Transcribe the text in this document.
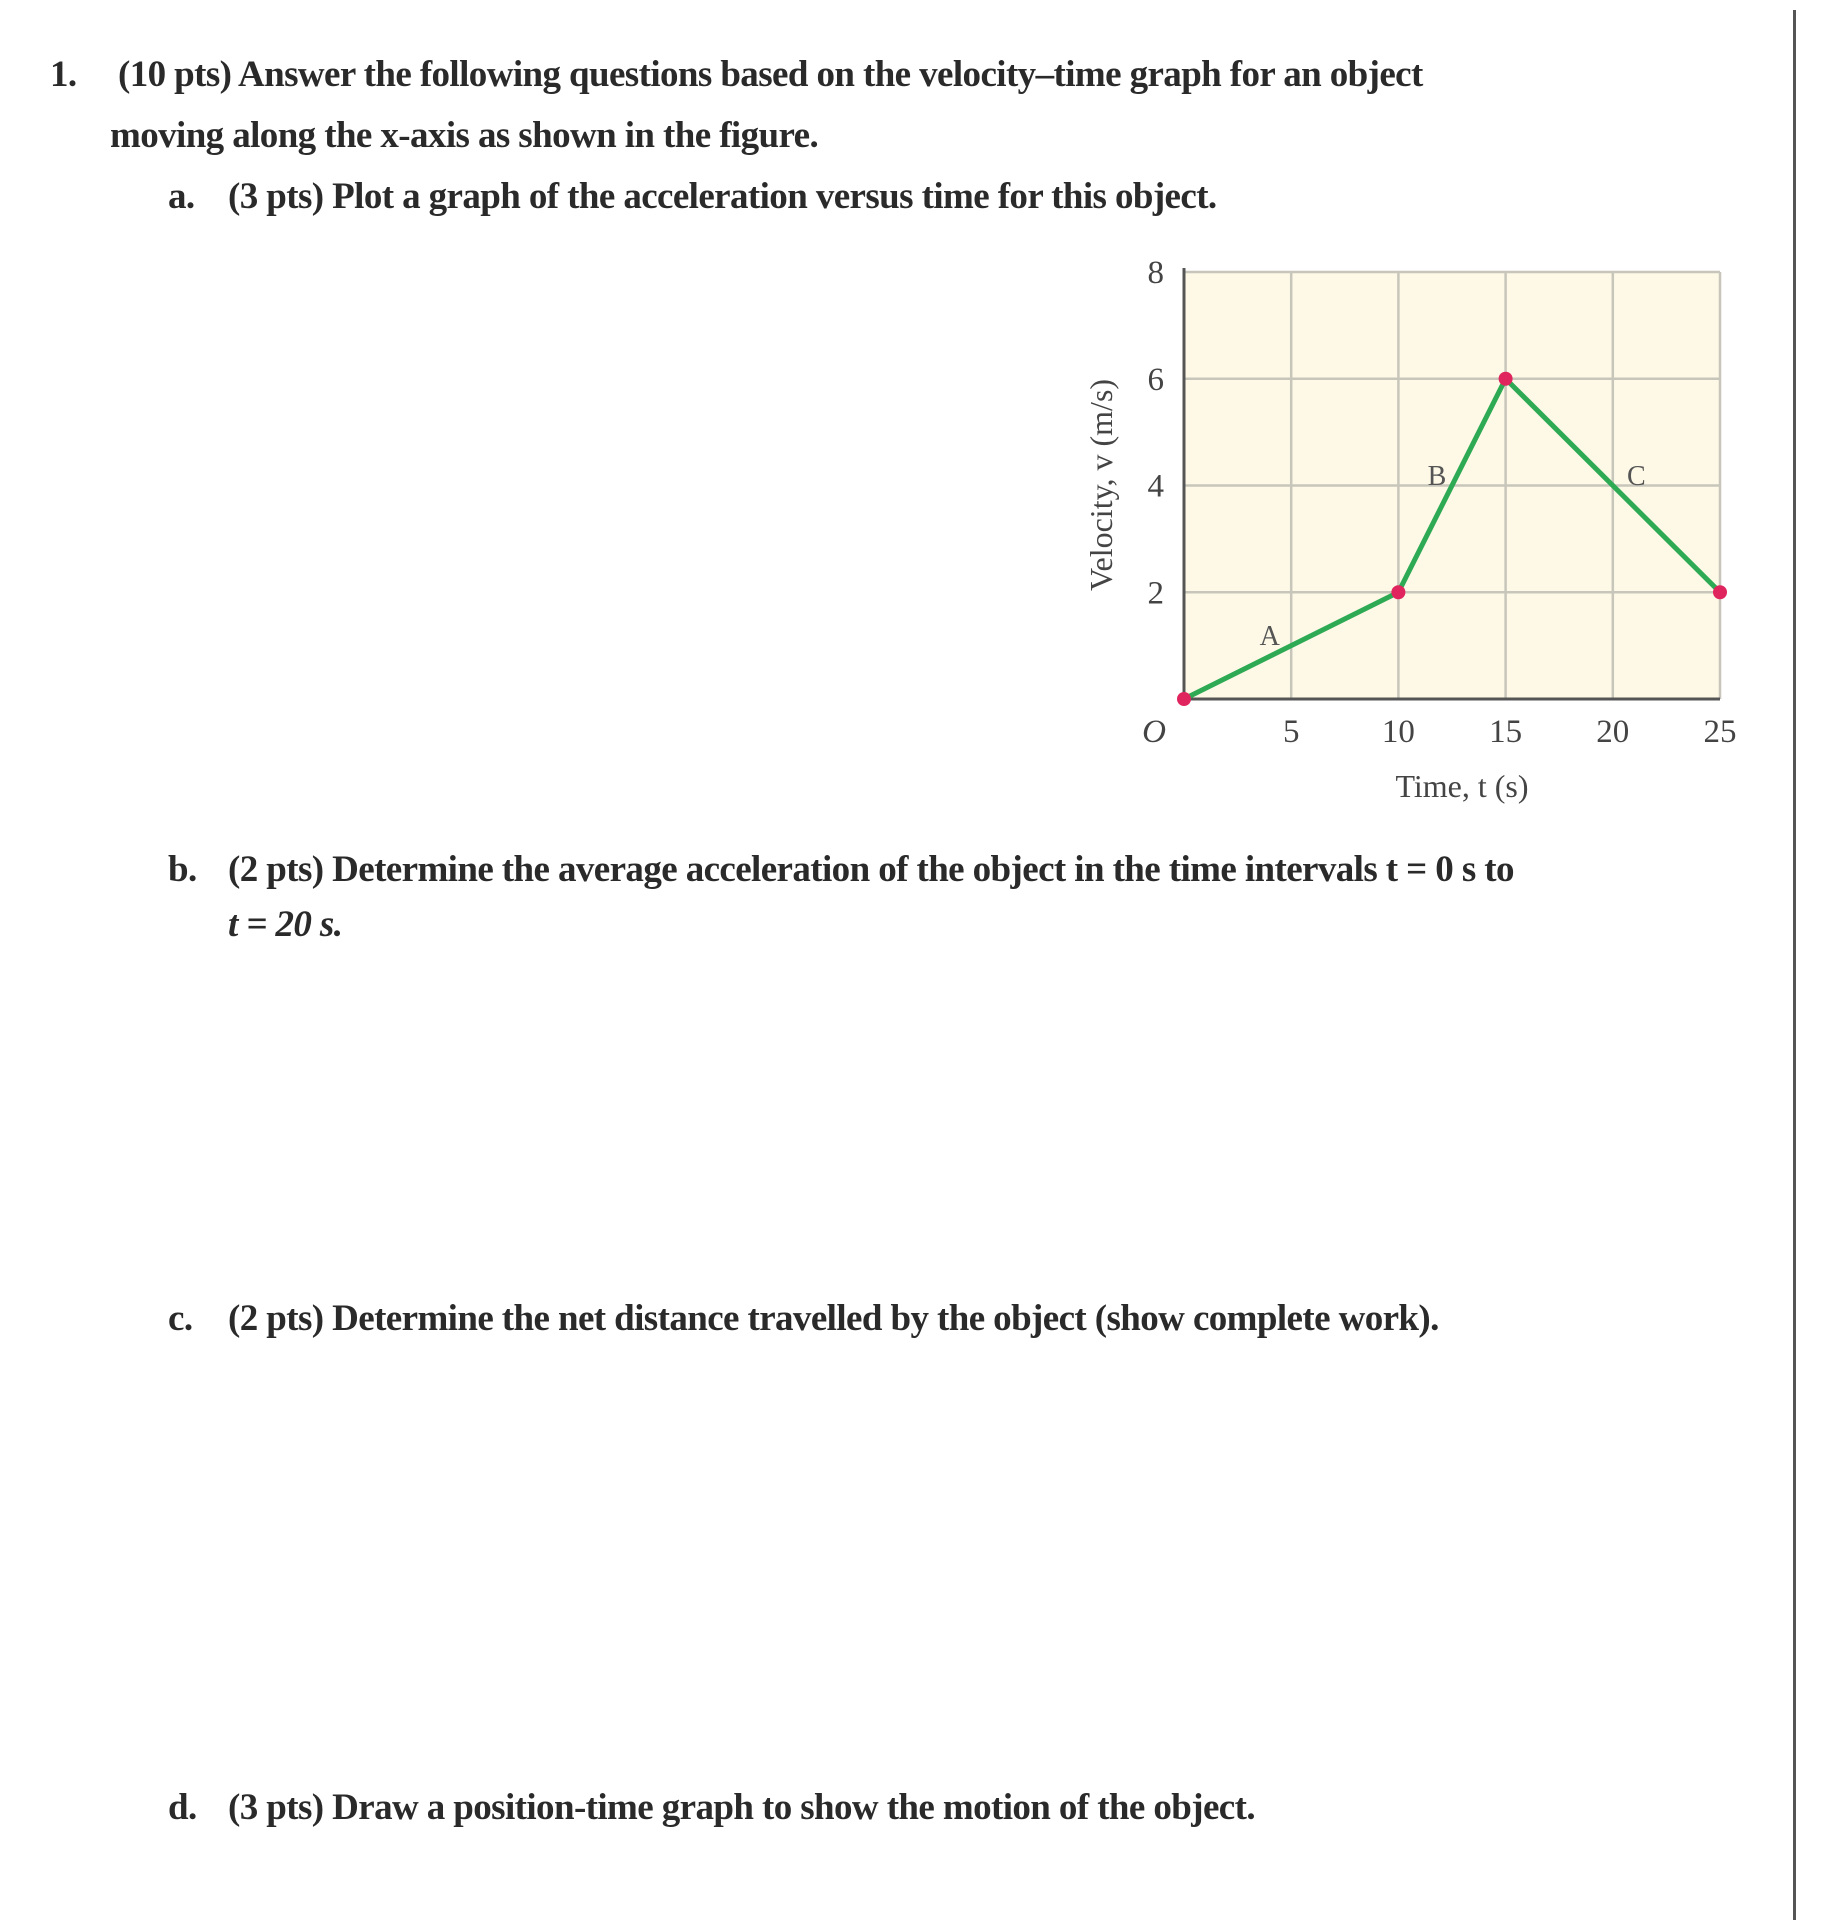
1. (10 pts) Answer the following questions based on the velocity–time graph for an object
moving along the x-axis as shown in the figure.
a. (3 pts) Plot a graph of the acceleration versus time for this object.
2
4
6
8
O	5 10 15 20 25
Time, t (s)
Velocity, v (m/s)
A
B	C
b. (2 pts) Determine the average acceleration of the object in the time intervals t = 0 s to
t = 20 s.
c. (2 pts) Determine the net distance travelled by the object (show complete work).
d. (3 pts) Draw a position-time graph to show the motion of the object.
